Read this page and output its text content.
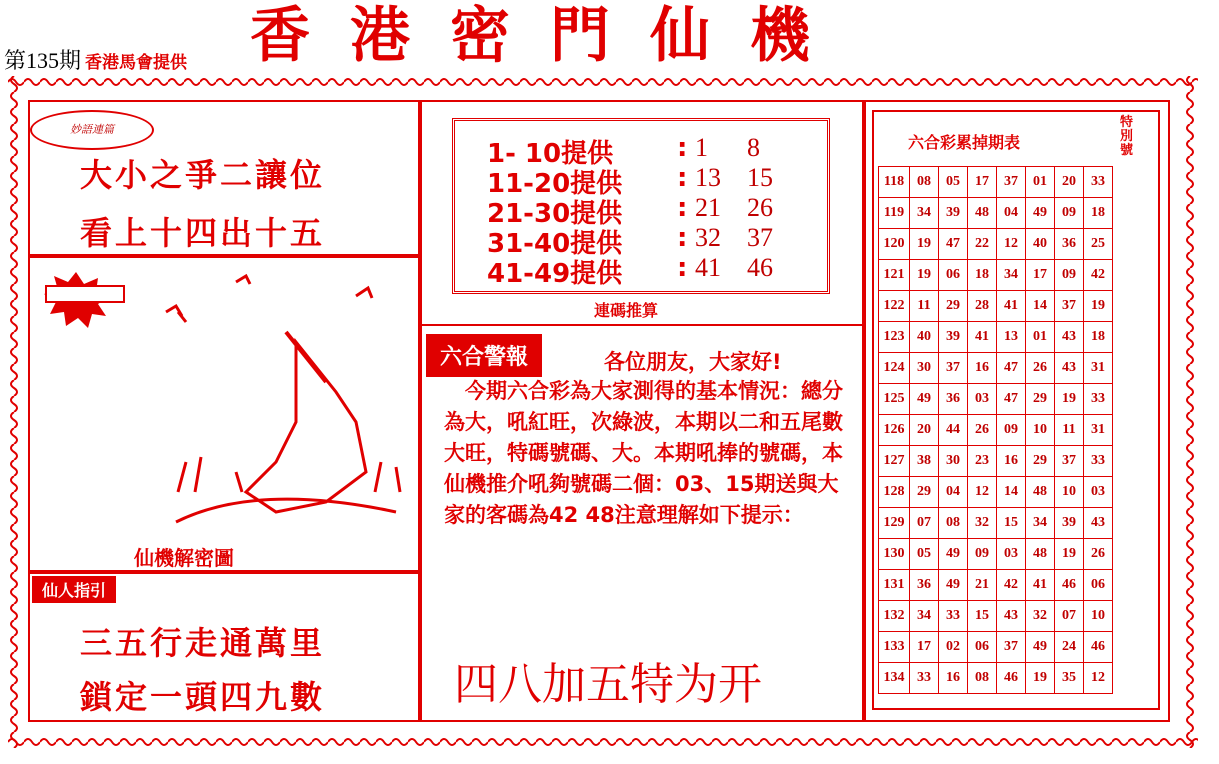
第135期 香港馬會提供 香港密門仙機
妙語連篇
大小之爭二讓位
看上十四出十五
仙機解密圖
仙人指引
三五行走通萬里
鎖定一頭四九數
1- 10提供 : 1 8
11-20提供 : 13 15
21-30提供 : 21 26
31-40提供 : 32 37
41-49提供 : 41 46
連碼推算
六合警報	各位朋友，大家好!
　今期六合彩為大家測得的基本情況：總分為大，吼紅旺，次綠波，本期以二和五尾數大旺，特碼號碼、大。本期吼捧的號碼，本仙機推介吼夠號碼二個：03、15期送與大家的客碼為42 48注意理解如下提示：
四八加五特为开
六合彩累掉期表
特別號
118	08	05	17	37	01	20	33
119	34	39	48	04	49	09	18
120	19	47	22	12	40	36	25
121	19	06	18	34	17	09	42
122	11	29	28	41	14	37	19
123	40	39	41	13	01	43	18
124	30	37	16	47	26	43	31
125	49	36	03	47	29	19	33
126	20	44	26	09	10	11	31
127	38	30	23	16	29	37	33
128	29	04	12	14	48	10	03
129	07	08	32	15	34	39	43
130	05	49	09	03	48	19	26
131	36	49	21	42	41	46	06
132	34	33	15	43	32	07	10
133	17	02	06	37	49	24	46
134	33	16	08	46	19	35	12
